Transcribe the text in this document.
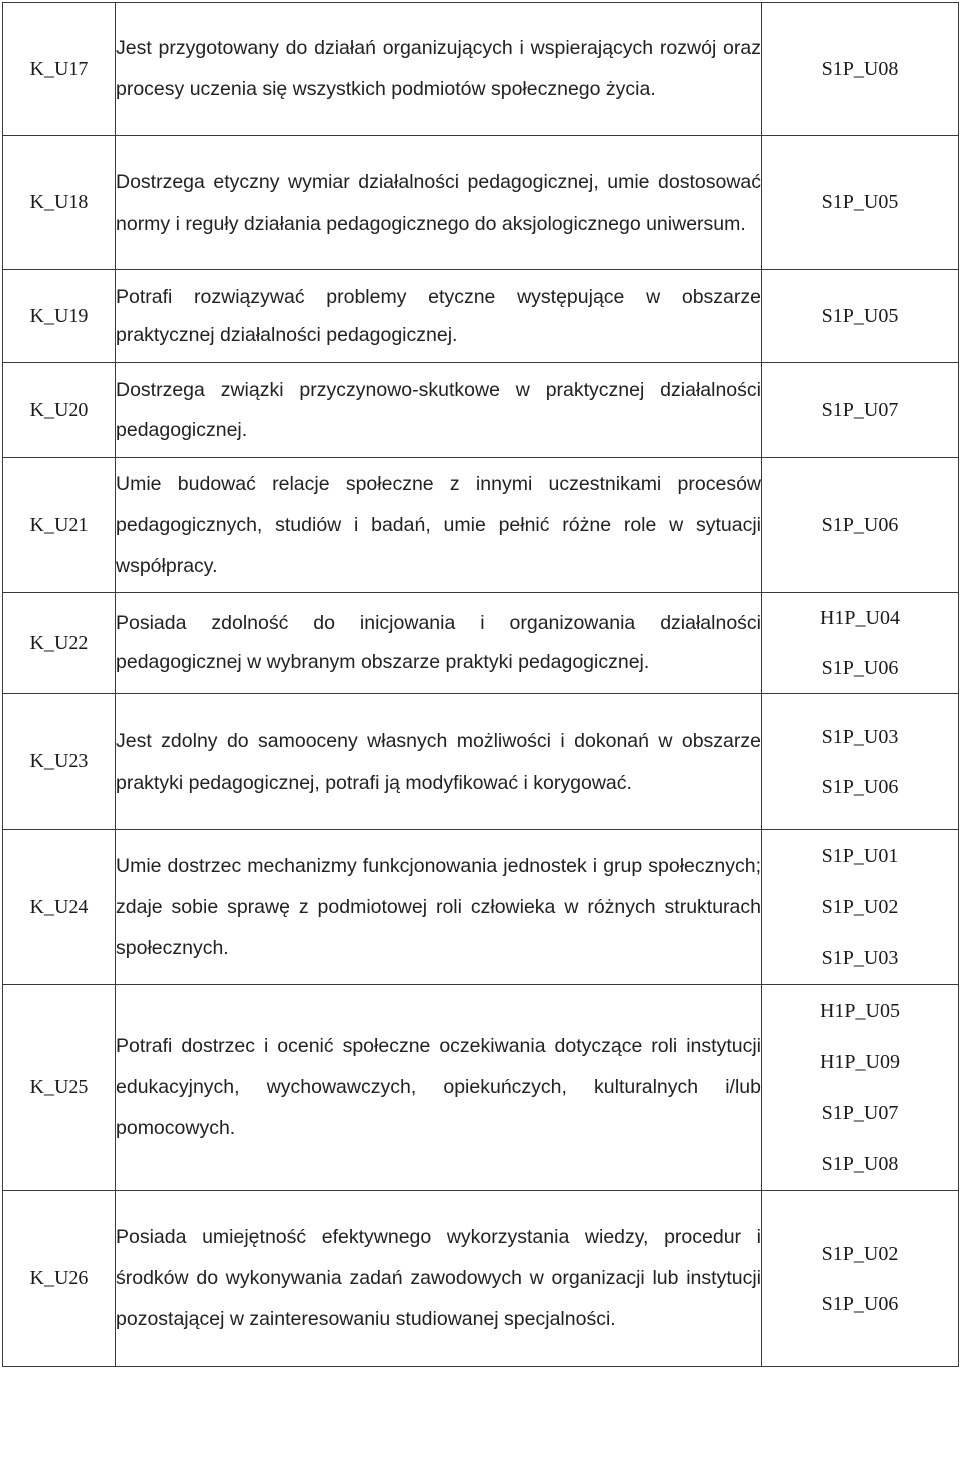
K_U17	Jest przygotowany do działań organizujących i wspierających rozwój oraz procesy uczenia się wszystkich podmiotów społecznego życia.	S1P_U08

K_U18	Dostrzega etyczny wymiar działalności pedagogicznej, umie dostosować normy i reguły działania pedagogicznego do aksjologicznego uniwersum.	S1P_U05

K_U19	Potrafi rozwiązywać problemy etyczne występujące w obszarze praktycznej działalności pedagogicznej.	S1P_U05

K_U20	Dostrzega związki przyczynowo-skutkowe w praktycznej działalności pedagogicznej.	S1P_U07

K_U21	Umie budować relacje społeczne z innymi uczestnikami procesów pedagogicznych, studiów i badań, umie pełnić różne role w sytuacji współpracy.	S1P_U06

K_U22	Posiada zdolność do inicjowania i organizowania działalności pedagogicznej w wybranym obszarze praktyki pedagogicznej.	H1P_U04
S1P_U06

K_U23	Jest zdolny do samooceny własnych możliwości i dokonań w obszarze praktyki pedagogicznej, potrafi ją modyfikować i korygować.	S1P_U03
S1P_U06

K_U24	Umie dostrzec mechanizmy funkcjonowania jednostek i grup społecznych; zdaje sobie sprawę z podmiotowej roli człowieka w różnych strukturach społecznych.	S1P_U01
S1P_U02
S1P_U03

K_U25	Potrafi dostrzec i ocenić społeczne oczekiwania dotyczące roli instytucji edukacyjnych, wychowawczych, opiekuńczych, kulturalnych i/lub pomocowych.	H1P_U05
H1P_U09
S1P_U07
S1P_U08

K_U26	Posiada umiejętność efektywnego wykorzystania wiedzy, procedur i środków do wykonywania zadań zawodowych w organizacji lub instytucji pozostającej w zainteresowaniu studiowanej specjalności.	S1P_U02
S1P_U06
